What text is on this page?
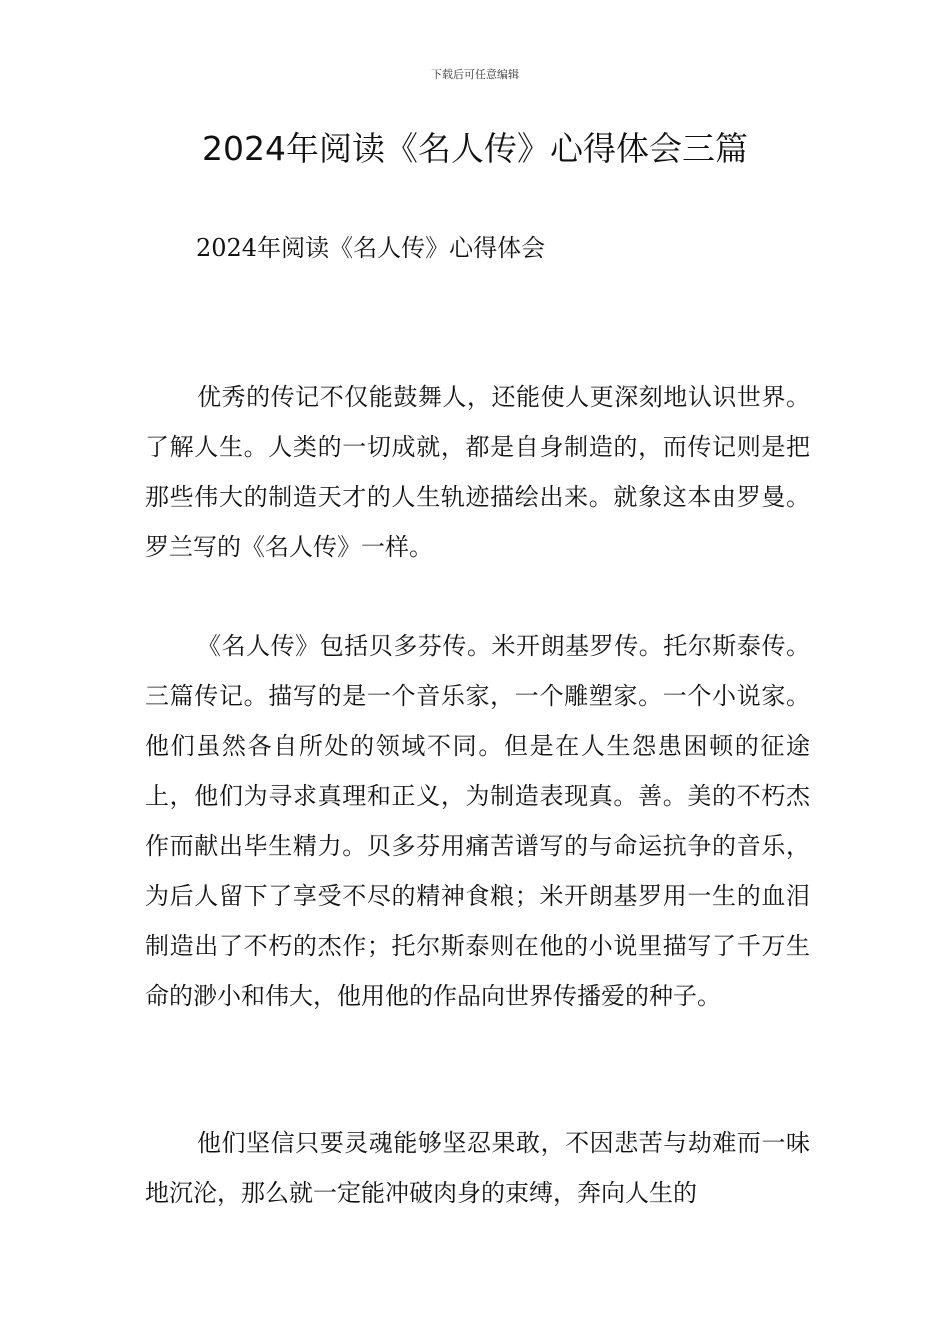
下载后可任意编辑
2024年阅读《名人传》心得体会三篇
2024年阅读《名人传》心得体会

优秀的传记不仅能鼓舞人，还能使人更深刻地认识世界。了解人生。人类的一切成就，都是自身制造的，而传记则是把那些伟大的制造天才的人生轨迹描绘出来。就象这本由罗曼。罗兰写的《名人传》一样。

《名人传》包括贝多芬传。米开朗基罗传。托尔斯泰传。三篇传记。描写的是一个音乐家，一个雕塑家。一个小说家。他们虽然各自所处的领域不同。但是在人生怨患困顿的征途上，他们为寻求真理和正义，为制造表现真。善。美的不朽杰作而献出毕生精力。贝多芬用痛苦谱写的与命运抗争的音乐，为后人留下了享受不尽的精神食粮；米开朗基罗用一生的血泪制造出了不朽的杰作；托尔斯泰则在他的小说里描写了千万生命的渺小和伟大，他用他的作品向世界传播爱的种子。

他们坚信只要灵魂能够坚忍果敢，不因悲苦与劫难而一味地沉沦，那么就一定能冲破肉身的束缚，奔向人生的
